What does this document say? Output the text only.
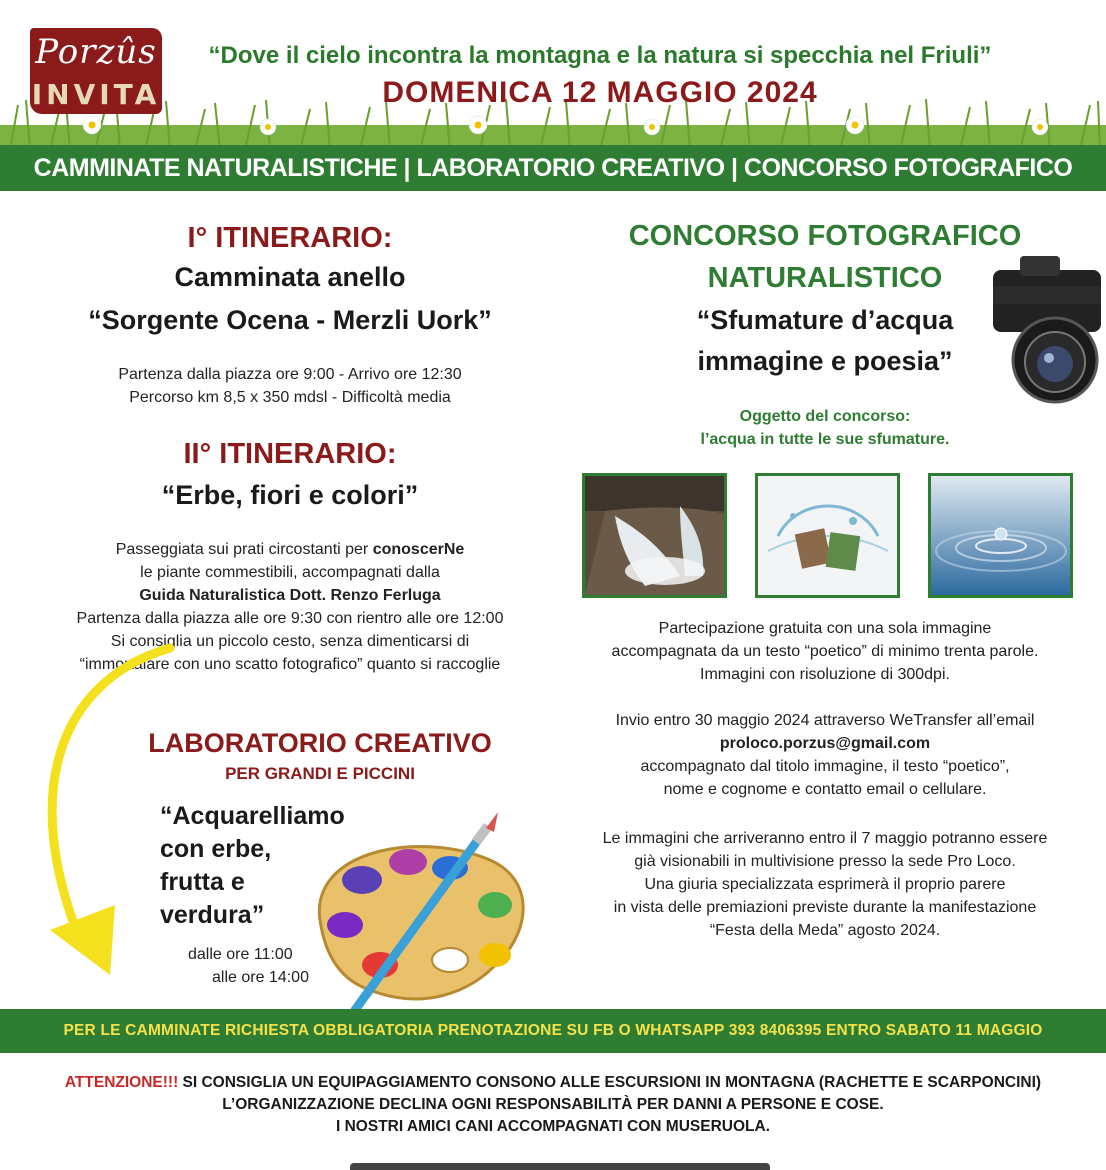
Porzûs
INVITA
“Dove il cielo incontra la montagna e la natura si specchia nel Friuli”
DOMENICA 12 MAGGIO 2024
CAMMINATE NATURALISTICHE | LABORATORIO CREATIVO | CONCORSO FOTOGRAFICO
I° ITINERARIO:
Camminata anello
“Sorgente Ocena - Merzli Uork”
Partenza dalla piazza ore 9:00 - Arrivo ore 12:30
Percorso km 8,5 x 350 mdsl - Difficoltà media
II° ITINERARIO:
“Erbe, fiori e colori”
Passeggiata sui prati circostanti per conoscerNe
le piante commestibili, accompagnati dalla
Guida Naturalistica Dott. Renzo Ferluga
Partenza dalla piazza alle ore 9:30 con rientro alle ore 12:00
Si consiglia un piccolo cesto, senza dimenticarsi di
“immortalare con uno scatto fotografico” quanto si raccoglie
LABORATORIO CREATIVO
PER GRANDI E PICCINI
“Acquarelliamo
con erbe,
frutta e
verdura”
dalle ore 11:00
alle ore 14:00
CONCORSO FOTOGRAFICO
NATURALISTICO
“Sfumature d’acqua
immagine e poesia”
Oggetto del concorso:
l’acqua in tutte le sue sfumature.
Partecipazione gratuita con una sola immagine
accompagnata da un testo “poetico” di minimo trenta parole.
Immagini con risoluzione di 300dpi.
Invio entro 30 maggio 2024 attraverso WeTransfer all’email
proloco.porzus@gmail.com
accompagnato dal titolo immagine, il testo “poetico”,
nome e cognome e contatto email o cellulare.
Le immagini che arriveranno entro il 7 maggio potranno essere
già visionabili in multivisione presso la sede Pro Loco.
Una giuria specializzata esprimerà il proprio parere
in vista delle premiazioni previste durante la manifestazione
“Festa della Meda” agosto 2024.
PER LE CAMMINATE RICHIESTA OBBLIGATORIA PRENOTAZIONE SU FB O WHATSAPP 393 8406395 ENTRO SABATO 11 MAGGIO
ATTENZIONE!!! SI CONSIGLIA UN EQUIPAGGIAMENTO CONSONO ALLE ESCURSIONI IN MONTAGNA (RACHETTE E SCARPONCINI)
L’ORGANIZZAZIONE DECLINA OGNI RESPONSABILITÀ PER DANNI A PERSONE E COSE.
I NOSTRI AMICI CANI ACCOMPAGNATI CON MUSERUOLA.
